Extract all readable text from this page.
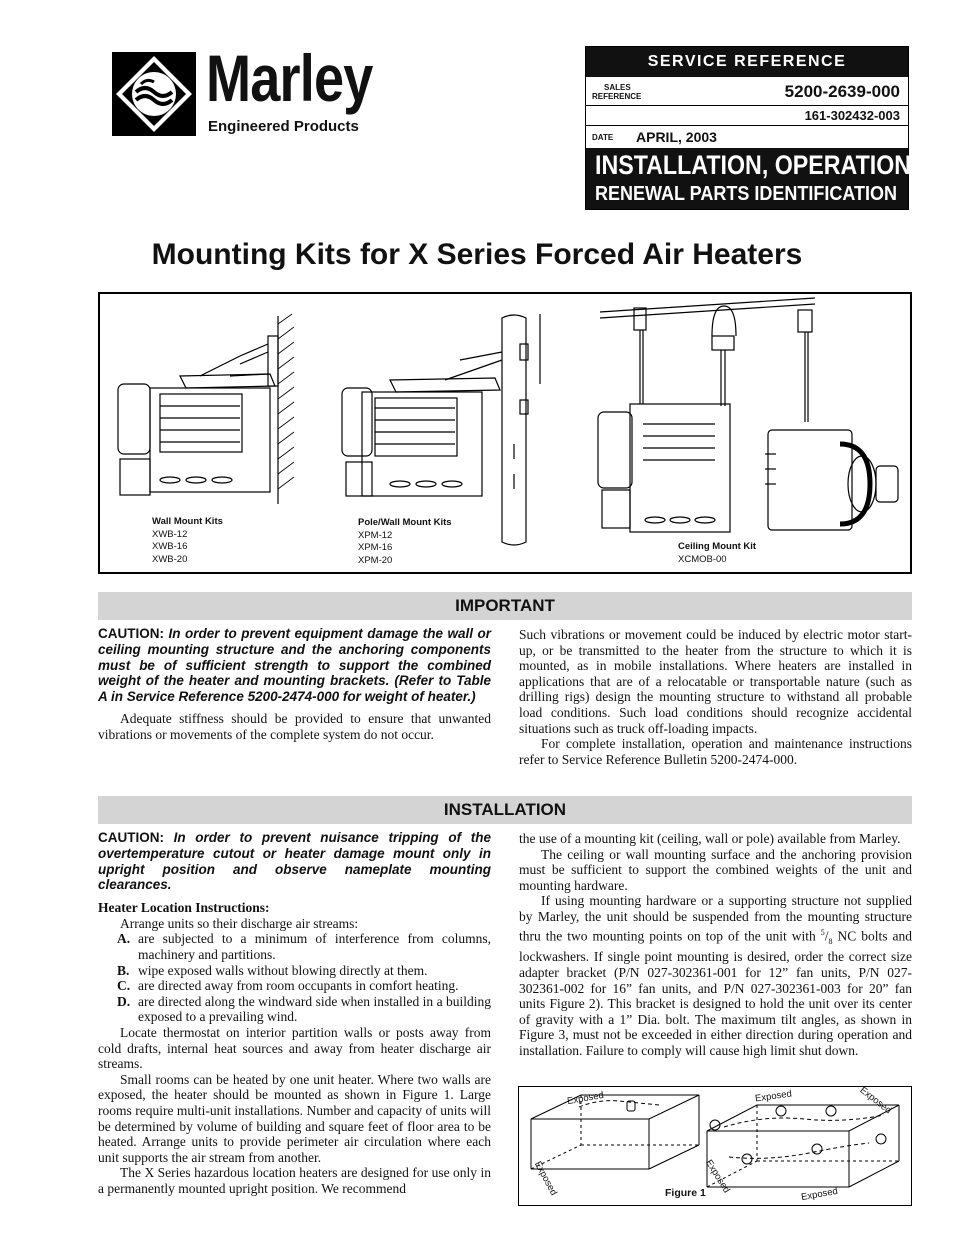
Marley
Engineered Products
SERVICE REFERENCE
SALES
REFERENCE	5200-2639-000
161-302432-003
DATE APRIL, 2003
INSTALLATION, OPERATION
RENEWAL PARTS IDENTIFICATION
Mounting Kits for X Series Forced Air Heaters
Wall Mount Kits
XWB-12
XWB-16
XWB-20
Pole/Wall Mount Kits
XPM-12
XPM-16
XPM-20
Ceiling Mount Kit
XCMOB-00
IMPORTANT

CAUTION: In order to prevent equipment damage the wall or ceiling mounting structure and the anchoring components must be of sufficient strength to support the combined weight of the heater and mounting brackets. (Refer to Table A in Service Reference 5200-2474-000 for weight of heater.)

Adequate stiffness should be provided to ensure that unwanted vibrations or movements of the complete system do not occur.

Such vibrations or movement could be induced by electric motor start-up, or be transmitted to the heater from the structure to which it is mounted, as in mobile installations. Where heaters are installed in applications that are of a relocatable or transportable nature (such as drilling rigs) design the mounting structure to withstand all probable load conditions. Such load conditions should recognize accidental situations such as truck off-loading impacts.

For complete installation, operation and maintenance instructions refer to Service Reference Bulletin 5200-2474-000.

INSTALLATION

CAUTION: In order to prevent nuisance tripping of the overtemperature cutout or heater damage mount only in upright position and observe nameplate mounting clearances.

Heater Location Instructions:

Arrange units so their discharge air streams:

A. are subjected to a minimum of interference from columns, machinery and partitions.
B. wipe exposed walls without blowing directly at them.
C. are directed away from room occupants in comfort heating.
D. are directed along the windward side when installed in a building exposed to a prevailing wind.

Locate thermostat on interior partition walls or posts away from cold drafts, internal heat sources and away from heater discharge air streams.

Small rooms can be heated by one unit heater. Where two walls are exposed, the heater should be mounted as shown in Figure 1. Large rooms require multi-unit installations. Number and capacity of units will be determined by volume of building and square feet of floor area to be heated. Arrange units to provide perimeter air circulation where each unit supports the air stream from another.

The X Series hazardous location heaters are designed for use only in a permanently mounted upright position. We recommend

the use of a mounting kit (ceiling, wall or pole) available from Marley.

The ceiling or wall mounting surface and the anchoring provision must be sufficient to support the combined weights of the unit and mounting hardware.

If using mounting hardware or a supporting structure not supplied by Marley, the unit should be suspended from the mounting structure thru the two mounting points on top of the unit with $^5/_8$ NC bolts and lockwashers. If single point mounting is desired, order the correct size adapter bracket (P/N 027-302361-001 for 12” fan units, P/N 027-302361-002 for 16” fan units, and P/N 027-302361-003 for 20” fan units Figure 2). This bracket is designed to hold the unit over its center of gravity with a 1” Dia. bolt. The maximum tilt angles, as shown in Figure 3, must not be exceeded in either direction during operation and installation. Failure to comply will cause high limit shut down.

Exposed
Exposed
Exposed	Exposed
Exposed	Exposed
Figure 1
